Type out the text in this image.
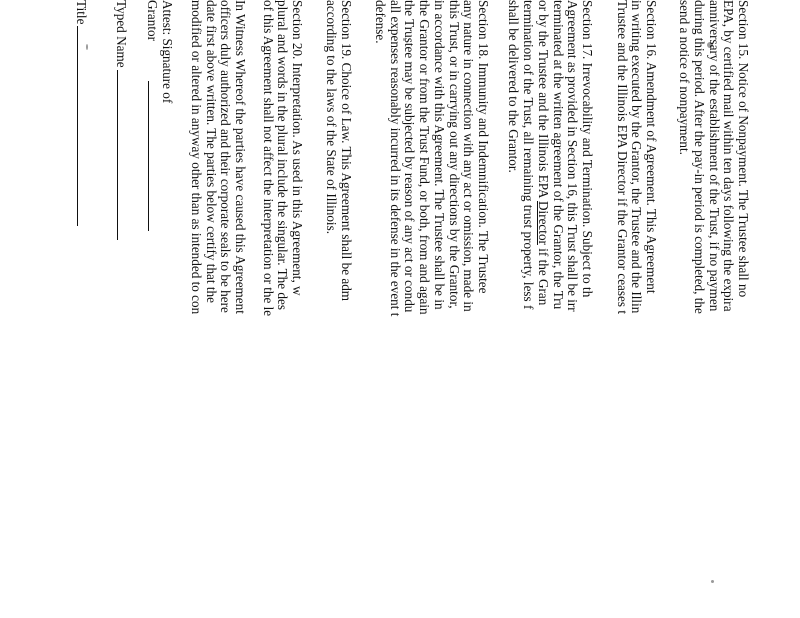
Section 15. Notice of Nonpayment. The Trustee shall no
EPA, by certified mail within ten days following the expira
anniversary of the establishment of the Trust, if no paymen
during this period. After the pay-in period is completed, the
send a notice of nonpayment.
Section 16. Amendment of Agreement. This Agreement
in writing executed by the Grantor, the Trustee and the Illin
Trustee and the Illinois EPA Director if the Grantor ceases t
Section 17. Irrevocability and Termination. Subject to th
Agreement as provided in Section 16, this Trust shall be irr
terminated at the written agreement of the Grantor, the Tru
or by the Trustee and the Illinois EPA Director if the Gran
termination of the Trust, all remaining trust property, less f
shall be delivered to the Grantor.
Section 18. Immunity and Indemnification. The Trustee
any nature in connection with any act or omission, made in
this Trust, or in carrying out any directions by the Grantor,
in accordance with this Agreement. The Trustee shall be in
the Grantor or from the Trust Fund, or both, from and again
the Trustee may be subjected by reason of any act or condu
all expenses reasonably incurred in its defense in the event t
defense.
Section 19. Choice of Law. This Agreement shall be adm
according to the laws of the State of Illinois.
Section 20. Interpretation. As used in this Agreement, w
plural and words in the plural include the singular. The des
of this Agreement shall not affect the interpretation or the le
In Witness Whereof the parties have caused this Agreement
officers duly authorized and their corporate seals to be here
date first above written. The parties below certify that the
modified or altered in anyway other than as intended to con
Attest: Signature of
Grantor
Typed Name
Title
